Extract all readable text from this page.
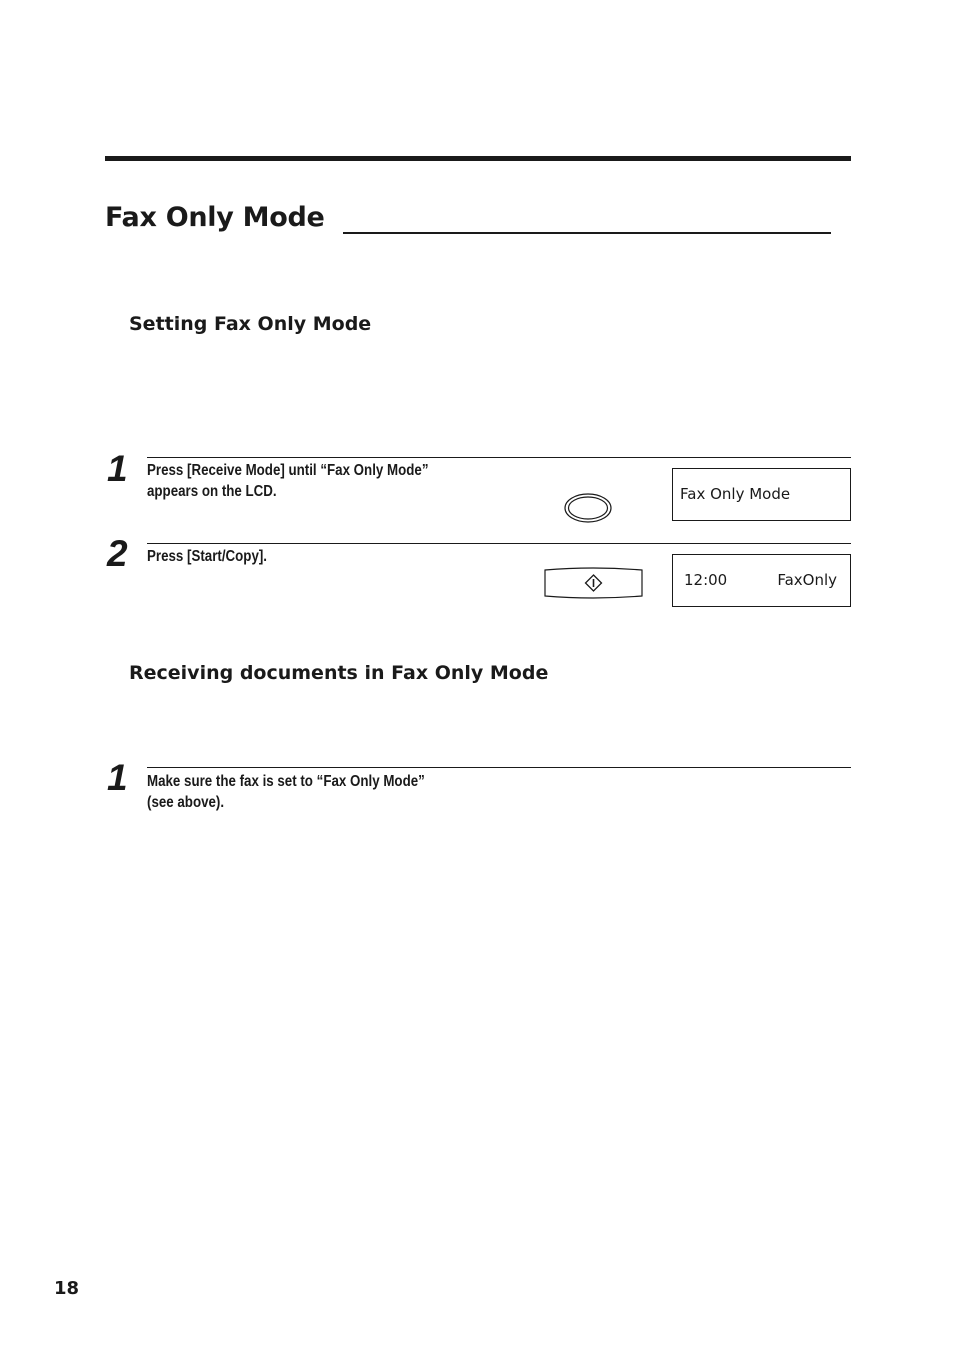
Fax Only Mode
Setting Fax Only Mode
1 Press [Receive Mode] until “Fax Only Mode”
appears on the LCD.	Fax Only Mode
2 Press [Start/Copy].

12:00	FaxOnly
Receiving documents in Fax Only Mode
1 Make sure the fax is set to “Fax Only Mode”
(see above).

18
